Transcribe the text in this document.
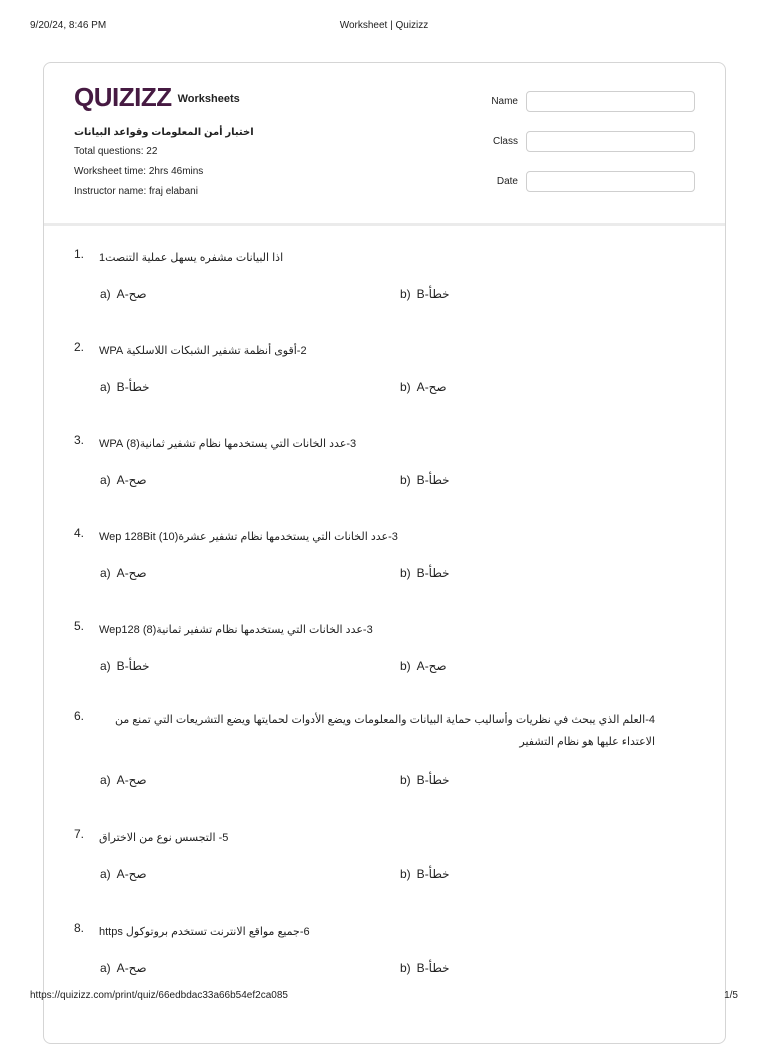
9/20/24, 8:46 PM	Worksheet | Quizizz
QUIZIZZ Worksheets
اختبار أمن المعلومات وقواعد البيانات
Total questions: 22
Worksheet time: 2hrs 46mins
Instructor name: fraj elabani
Name
Class
Date
1.	اذا البيانات مشفره يسهل عملية التنصت1
a) صح-A	b) خطأ-B
2.	2-أقوى أنظمة تشفير الشبكات اللاسلكية WPA
a) خطأ-B	b) صح-A
3.	3-عدد الخانات التي يستخدمها نظام تشفير ثمانية(8) WPA
a) صح-A	b) خطأ-B
4.	3-عدد الخانات التي يستخدمها نظام تشفير عشرة(10) Wep 128Bit
a) صح-A	b) خطأ-B
5.	3-عدد الخانات التي يستخدمها نظام تشفير ثمانية(8) Wep128
a) خطأ-B	b) صح-A
6.	4-العلم الذي يبحث في نظريات وأساليب حماية البيانات والمعلومات ويضع الأدوات لحمايتها ويضع التشريعات التي تمنع من الاعتداء عليها هو نظام التشفير
a) صح-A	b) خطأ-B
7.	5- التجسس نوع من الاختراق
a) صح-A	b) خطأ-B
8.	6-جميع مواقع الانترنت تستخدم بروتوكول https
a) صح-A	b) خطأ-B
https://quizizz.com/print/quiz/66edbdac33a66b54ef2ca085	1/5
